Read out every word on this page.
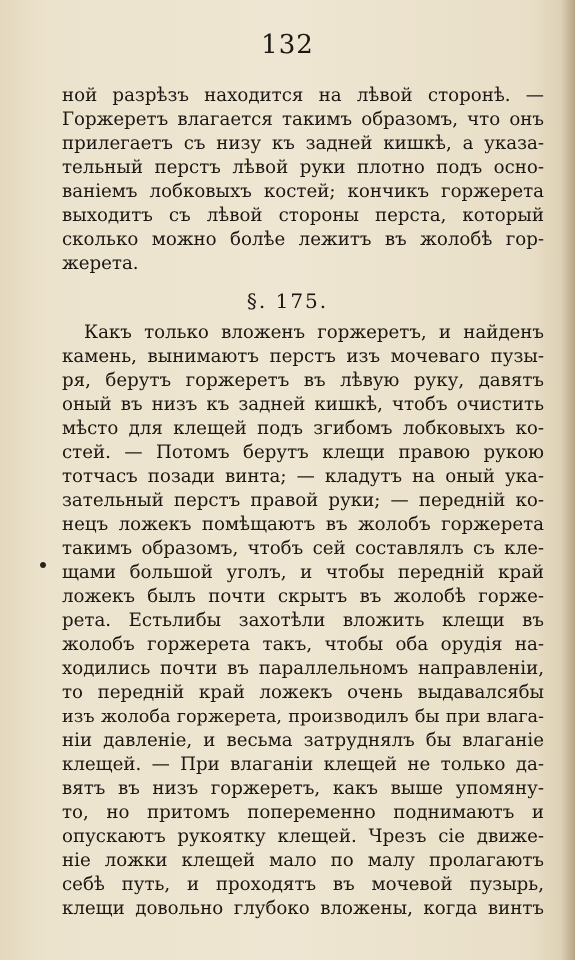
132
ной разрѣзъ находится на лѣвой сторонѣ. —
Горжеретъ влагается такимъ образомъ, что онъ
прилегаетъ съ низу къ задней кишкѣ, а указа-
тельный перстъ лѣвой руки плотно подъ осно-
ваніемъ лобковыхъ костей; кончикъ горжерета
выходитъ съ лѣвой стороны перста, который
сколько можно болѣе лежитъ въ жолобѣ гор-
жерета.
§. 175.
Какъ только вложенъ горжеретъ, и найденъ
камень, вынимаютъ перстъ изъ мочеваго пузы-
ря, берутъ горжеретъ въ лѣвую руку, давятъ
оный въ низъ къ задней кишкѣ, чтобъ очистить
мѣсто для клещей подъ згибомъ лобковыхъ ко-
стей. — Потомъ берутъ клещи правою рукою
тотчасъ позади винта; — кладутъ на оный ука-
зательный перстъ правой руки; — передній ко-
нецъ ложекъ помѣщаютъ въ жолобъ горжерета
такимъ образомъ, чтобъ сей составлялъ съ кле-
щами большой уголъ, и чтобы передній край
ложекъ былъ почти скрытъ въ жолобѣ горже-
рета. Естьлибы захотѣли вложить клещи въ
жолобъ горжерета такъ, чтобы оба орудія на-
ходились почти въ параллельномъ направленіи,
то передній край ложекъ очень выдавалсябы
изъ жолоба горжерета, производилъ бы при влага-
ніи давленіе, и весьма затруднялъ бы влаганіе
клещей. — При влаганіи клещей не только да-
вятъ въ низъ горжеретъ, какъ выше упомяну-
то, но притомъ попеременно поднимаютъ и
опускаютъ рукоятку клещей. Чрезъ сіе движе-
ніе ложки клещей мало по малу пролагаютъ
себѣ путь, и проходятъ въ мочевой пузырь,
клещи довольно глубоко вложены, когда винтъ
